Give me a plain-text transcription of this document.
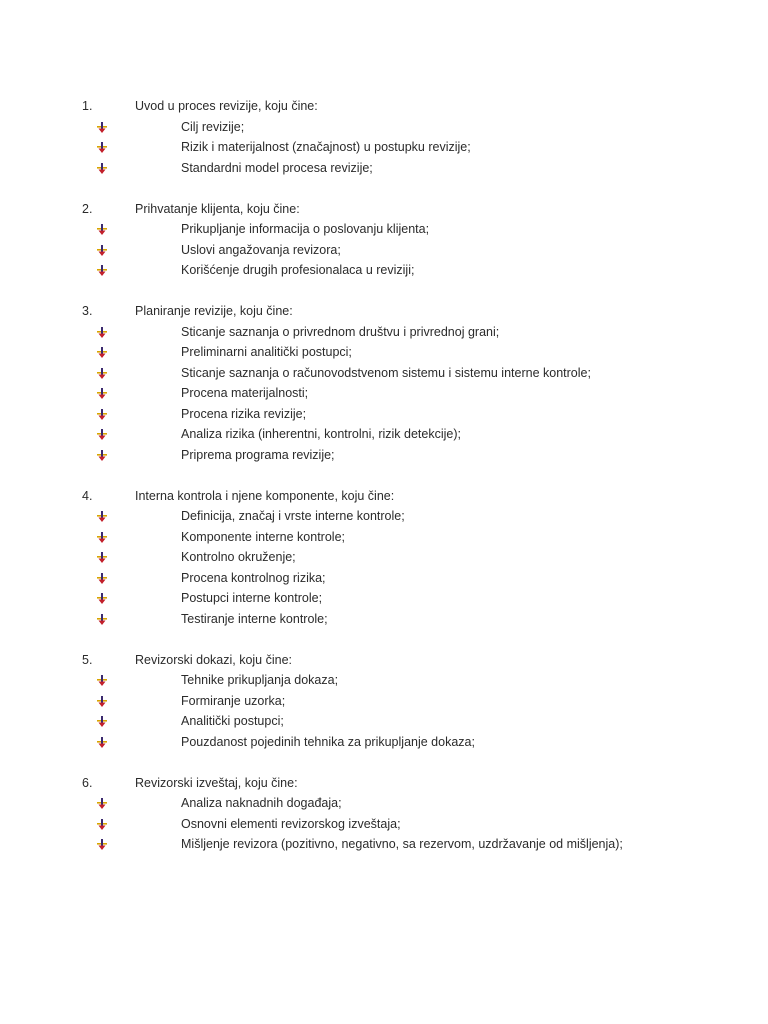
1.	Uvod u proces revizije, koju čine:
Cilj revizije;
Rizik i materijalnost (značajnost) u postupku revizije;
Standardni model procesa revizije;
2.	Prihvatanje klijenta, koju čine:
Prikupljanje informacija o poslovanju klijenta;
Uslovi angažovanja revizora;
Korišćenje drugih profesionalaca u reviziji;
3.	Planiranje revizije, koju čine:
Sticanje saznanja o privrednom društvu i privrednoj grani;
Preliminarni analitički postupci;
Sticanje saznanja o računovodstvenom sistemu i sistemu interne kontrole;
Procena materijalnosti;
Procena rizika revizije;
Analiza rizika (inherentni, kontrolni, rizik detekcije);
Priprema programa revizije;
4.	Interna kontrola i njene komponente, koju čine:
Definicija, značaj i vrste interne kontrole;
Komponente interne kontrole;
Kontrolno okruženje;
Procena kontrolnog rizika;
Postupci interne kontrole;
Testiranje interne kontrole;
5.	Revizorski dokazi, koju čine:
Tehnike prikupljanja dokaza;
Formiranje uzorka;
Analitički postupci;
Pouzdanost pojedinih tehnika za prikupljanje dokaza;
6.	Revizorski izveštaj, koju čine:
Analiza naknadnih događaja;
Osnovni elementi revizorskog izveštaja;
Mišljenje revizora (pozitivno, negativno, sa rezervom, uzdržavanje od mišljenja);
